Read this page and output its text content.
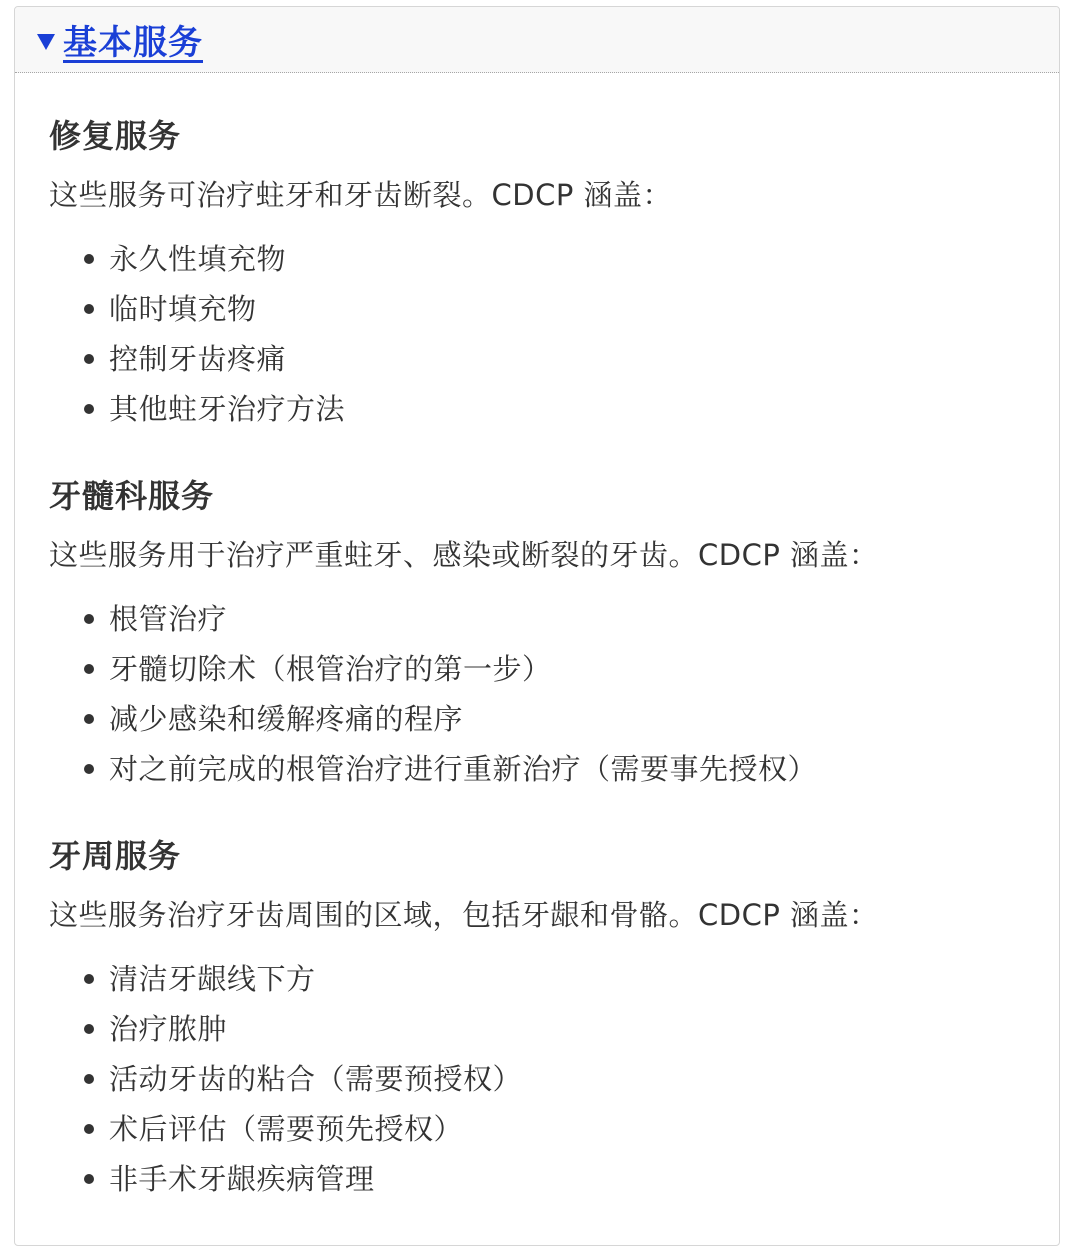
基本服务
修复服务

这些服务可治疗蛀牙和牙齿断裂。CDCP 涵盖：

永久性填充物
临时填充物
控制牙齿疼痛
其他蛀牙治疗方法
牙髓科服务

这些服务用于治疗严重蛀牙、感染或断裂的牙齿。CDCP 涵盖：

根管治疗
牙髓切除术（根管治疗的第一步）
减少感染和缓解疼痛的程序
对之前完成的根管治疗进行重新治疗（需要事先授权）
牙周服务

这些服务治疗牙齿周围的区域，包括牙龈和骨骼。CDCP 涵盖：

清洁牙龈线下方
治疗脓肿
活动牙齿的粘合（需要预授权）
术后评估（需要预先授权）
非手术牙龈疾病管理
